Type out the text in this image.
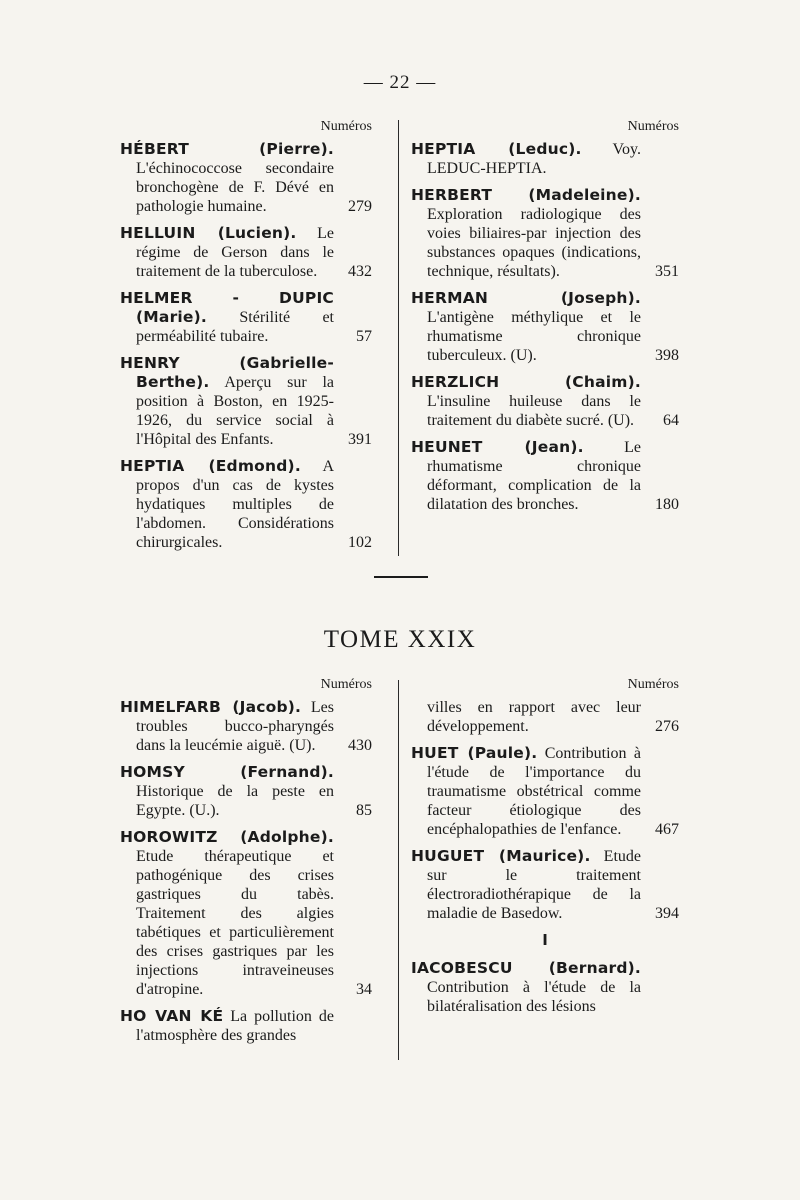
— 22 —
Numéros
HÉBERT (Pierre). L'échinococcose secondaire bronchogène de F. Dévé en pathologie humaine.	279
HELLUIN (Lucien). Le régime de Gerson dans le traitement de la tuberculose.	432
HELMER - DUPIC (Marie). Stérilité et perméabilité tubaire.	57
HENRY (Gabrielle-Berthe). Aperçu sur la position à Boston, en 1925-1926, du service social à l'Hôpital des Enfants.	391
HEPTIA (Edmond). A propos d'un cas de kystes hydatiques multiples de l'abdomen. Considérations chirurgicales.	102
Numéros
HEPTIA (Leduc). Voy. LEDUC-HEPTIA.
HERBERT (Madeleine). Exploration radiologique des voies biliaires-par injection des substances opaques (indications, technique, résultats).	351
HERMAN (Joseph). L'antigène méthylique et le rhumatisme chronique tuberculeux. (U).	398
HERZLICH (Chaim). L'insuline huileuse dans le traitement du diabète sucré. (U).	64
HEUNET (Jean). Le rhumatisme chronique déformant, complication de la dilatation des bronches.	180
TOME XXIX
Numéros
HIMELFARB (Jacob). Les troubles bucco-pharyngés dans la leucémie aiguë. (U).	430
HOMSY (Fernand). Historique de la peste en Egypte. (U.).	85
HOROWITZ (Adolphe). Etude thérapeutique et pathogénique des crises gastriques du tabès. Traitement des algies tabétiques et particulièrement des crises gastriques par les injections intraveineuses d'atropine.	34
HO VAN KÉ La pollution de l'atmosphère des grandes
Numéros
villes en rapport avec leur développement.	276
HUET (Paule). Contribution à l'étude de l'importance du traumatisme obstétrical comme facteur étiologique des encéphalopathies de l'enfance.	467
HUGUET (Maurice). Etude sur le traitement électroradiothérapique de la maladie de Basedow.	394
I
IACOBESCU (Bernard). Contribution à l'étude de la bilatéralisation des lésions
